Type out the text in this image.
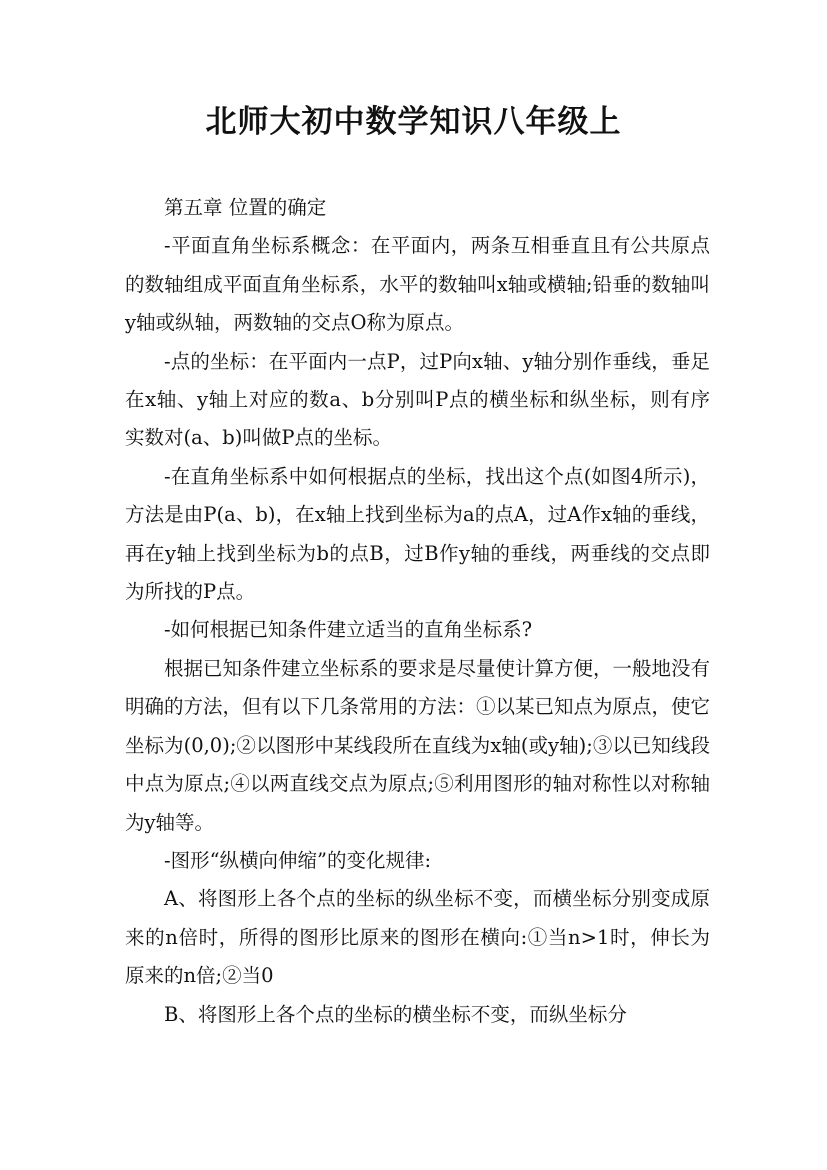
北师大初中数学知识八年级上

第五章 位置的确定

-平面直角坐标系概念：在平面内，两条互相垂直且有公共原点的数轴组成平面直角坐标系，水平的数轴叫x轴或横轴;铅垂的数轴叫y轴或纵轴，两数轴的交点O称为原点。

-点的坐标：在平面内一点P，过P向x轴、y轴分别作垂线，垂足在x轴、y轴上对应的数a、b分别叫P点的横坐标和纵坐标，则有序实数对(a、b)叫做P点的坐标。

-在直角坐标系中如何根据点的坐标，找出这个点(如图4所示)，方法是由P(a、b)，在x轴上找到坐标为a的点A，过A作x轴的垂线，再在y轴上找到坐标为b的点B，过B作y轴的垂线，两垂线的交点即为所找的P点。

-如何根据已知条件建立适当的直角坐标系?

根据已知条件建立坐标系的要求是尽量使计算方便，一般地没有明确的方法，但有以下几条常用的方法：①以某已知点为原点，使它坐标为(0,0);②以图形中某线段所在直线为x轴(或y轴);③以已知线段中点为原点;④以两直线交点为原点;⑤利用图形的轴对称性以对称轴为y轴等。

-图形“纵横向伸缩”的变化规律:

A、将图形上各个点的坐标的纵坐标不变，而横坐标分别变成原来的n倍时，所得的图形比原来的图形在横向:①当n>1时，伸长为原来的n倍;②当0

B、将图形上各个点的坐标的横坐标不变，而纵坐标分
